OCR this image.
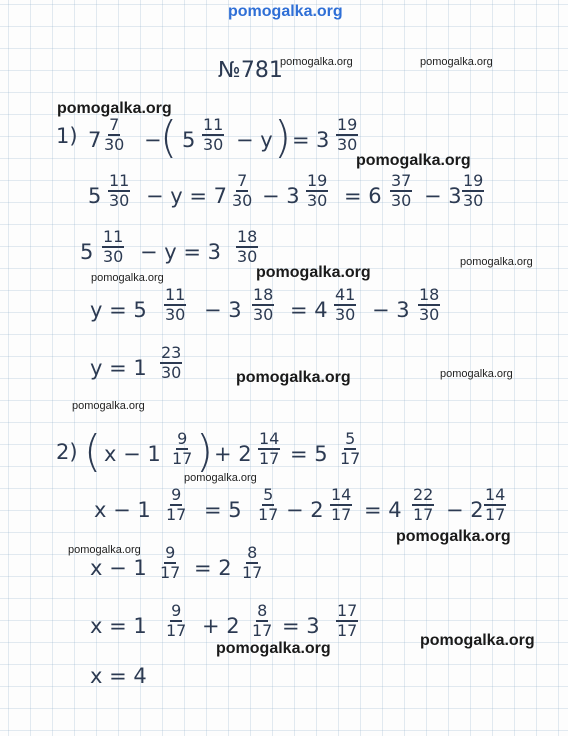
pomogalka.org
pomogalka.org	pomogalka.org
pomogalka.org
pomogalka.org
pomogalka.org
pomogalka.org
pomogalka.org
pomogalka.org	pomogalka.org
pomogalka.org
pomogalka.org
pomogalka.org
pomogalka.org
pomogalka.org
pomogalka.org
№781
1) $7 \frac{7}{30}$ −
( $5 \frac{11}{30} - y$ ) = $3 \frac{19}{30}$
$5 \frac{11}{30} - y = 7 \frac{7}{30} - 3 \frac{19}{30} = 6 \frac{37}{30} - 3 \frac{19}{30}$
$5 \frac{11}{30} - y = 3 \frac{18}{30}$
$y = 5 \frac{11}{30} - 3 \frac{18}{30} = 4 \frac{41}{30} - 3 \frac{18}{30}$
$y = 1 \frac{23}{30}$
2) ( $x - 1 \frac{9}{17}$ ) + $2 \frac{14}{17} = 5 \frac{5}{17}$
$x - 1 \frac{9}{17} = 5 \frac{5}{17} - 2 \frac{14}{17} = 4 \frac{22}{17} - 2 \frac{14}{17}$
$x - 1 \frac{9}{17} = 2 \frac{8}{17}$
$x = 1 \frac{9}{17} + 2 \frac{8}{17} = 3 \frac{17}{17}$
x = 4
